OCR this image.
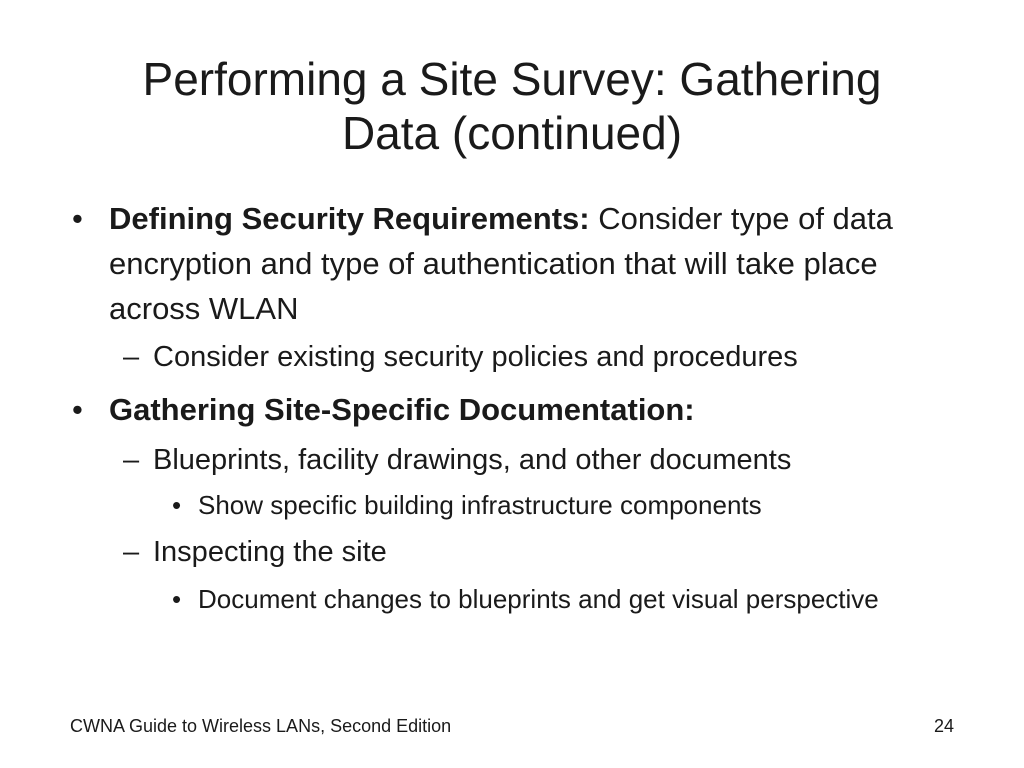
Performing a Site Survey: Gathering
Data (continued)
• Defining Security Requirements: Consider type of data encryption and type of authentication that will take place across WLAN
– Consider existing security policies and procedures
• Gathering Site-Specific Documentation:
– Blueprints, facility drawings, and other documents
• Show specific building infrastructure components
– Inspecting the site
• Document changes to blueprints and get visual perspective
CWNA Guide to Wireless LANs, Second Edition	24
